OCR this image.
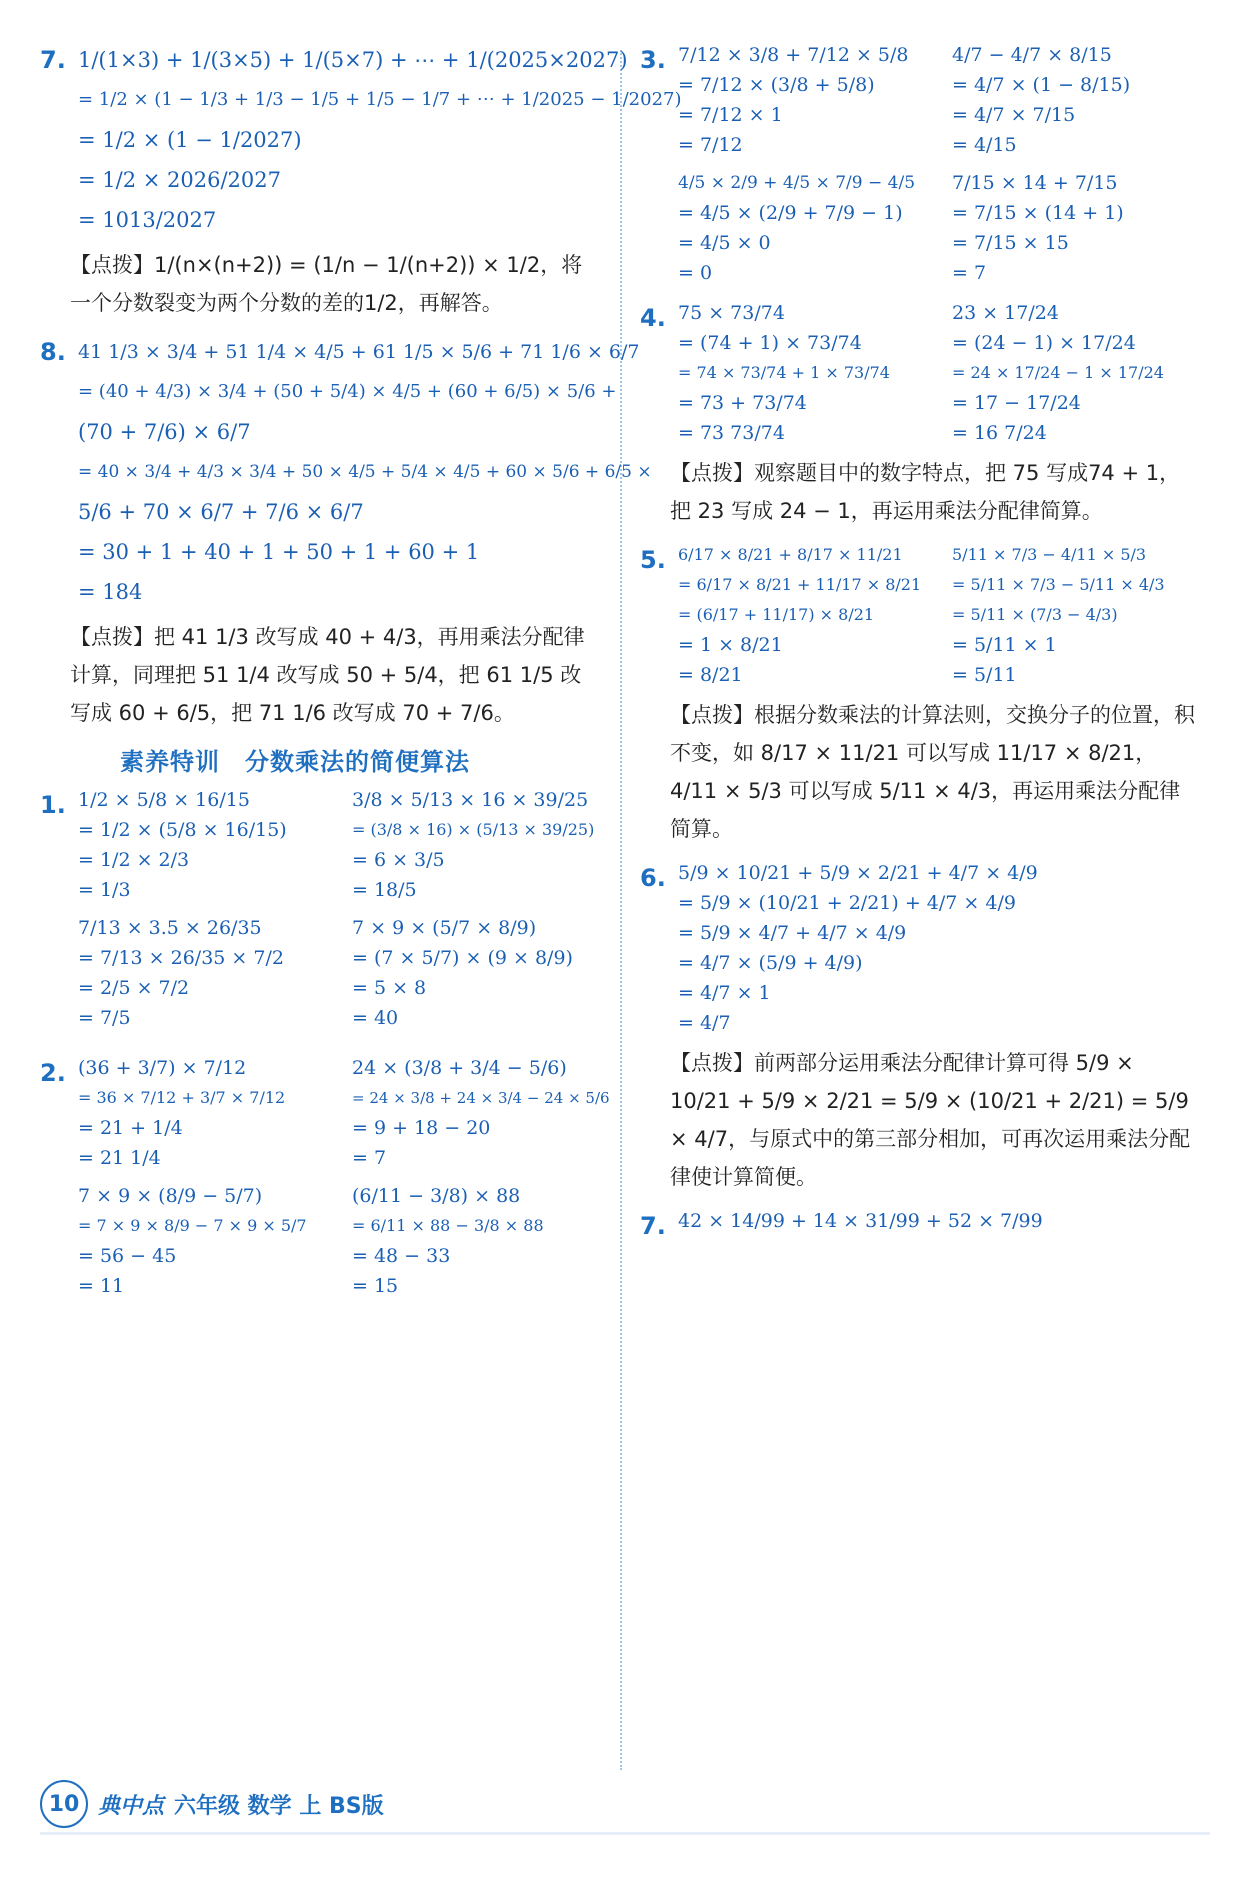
7. 1/(1×3) + 1/(3×5) + 1/(5×7) + ⋯ + 1/(2025×2027)
= 1/2 × (1 − 1/3 + 1/3 − 1/5 + 1/5 − 1/7 + ⋯ + 1/2025 − 1/2027)
= 1/2 × (1 − 1/2027)
= 1/2 × 2026/2027
= 1013/2027
【点拨】1/(n×(n+2)) = (1/n − 1/(n+2)) × 1/2，将一个分数裂变为两个分数的差的1/2，再解答。
8. 41 1/3 × 3/4 + 51 1/4 × 4/5 + 61 1/5 × 5/6 + 71 1/6 × 6/7
= (40 + 4/3) × 3/4 + (50 + 5/4) × 4/5 + (60 + 6/5) × 5/6 +
(70 + 7/6) × 6/7
= 40 × 3/4 + 4/3 × 3/4 + 50 × 4/5 + 5/4 × 4/5 + 60 × 5/6 + 6/5 ×
5/6 + 70 × 6/7 + 7/6 × 6/7
= 30 + 1 + 40 + 1 + 50 + 1 + 60 + 1
= 184
【点拨】把 41 1/3 改写成 40 + 4/3，再用乘法分配律计算，同理把 51 1/4 改写成 50 + 5/4，把 61 1/5 改写成 60 + 6/5，把 71 1/6 改写成 70 + 7/6。
素养特训　分数乘法的简便算法
1. 1/2 × 5/8 × 16/15
= 1/2 × (5/8 × 16/15)
= 1/2 × 2/3
= 1/3
3/8 × 5/13 × 16 × 39/25
= (3/8 × 16) × (5/13 × 39/25)
= 6 × 3/5
= 18/5
7/13 × 3.5 × 26/35
= 7/13 × 26/35 × 7/2
= 2/5 × 7/2
= 7/5
7 × 9 × (5/7 × 8/9)
= (7 × 5/7) × (9 × 8/9)
= 5 × 8
= 40
2. (36 + 3/7) × 7/12
= 36 × 7/12 + 3/7 × 7/12
= 21 + 1/4
= 21 1/4
24 × (3/8 + 3/4 − 5/6)
= 24 × 3/8 + 24 × 3/4 − 24 × 5/6
= 9 + 18 − 20
= 7
7 × 9 × (8/9 − 5/7)
= 7 × 9 × 8/9 − 7 × 9 × 5/7
= 56 − 45
= 11
(6/11 − 3/8) × 88
= 6/11 × 88 − 3/8 × 88
= 48 − 33
= 15
3. 7/12 × 3/8 + 7/12 × 5/8
= 7/12 × (3/8 + 5/8)
= 7/12 × 1
= 7/12
4/7 − 4/7 × 8/15
= 4/7 × (1 − 8/15)
= 4/7 × 7/15
= 4/15
4/5 × 2/9 + 4/5 × 7/9 − 4/5
= 4/5 × (2/9 + 7/9 − 1)
= 4/5 × 0
= 0
7/15 × 14 + 7/15
= 7/15 × (14 + 1)
= 7/15 × 15
= 7
4. 75 × 73/74
= (74 + 1) × 73/74
= 74 × 73/74 + 1 × 73/74
= 73 + 73/74
= 73 73/74
23 × 17/24
= (24 − 1) × 17/24
= 24 × 17/24 − 1 × 17/24
= 17 − 17/24
= 16 7/24
【点拨】观察题目中的数字特点，把 75 写成74 + 1，把 23 写成 24 − 1，再运用乘法分配律简算。
5. 6/17 × 8/21 + 8/17 × 11/21
= 6/17 × 8/21 + 11/17 × 8/21
= (6/17 + 11/17) × 8/21
= 1 × 8/21
= 8/21
5/11 × 7/3 − 4/11 × 5/3
= 5/11 × 7/3 − 5/11 × 4/3
= 5/11 × (7/3 − 4/3)
= 5/11 × 1
= 5/11
【点拨】根据分数乘法的计算法则，交换分子的位置，积不变，如 8/17 × 11/21 可以写成 11/17 × 8/21，4/11 × 5/3 可以写成 5/11 × 4/3，再运用乘法分配律简算。
6. 5/9 × 10/21 + 5/9 × 2/21 + 4/7 × 4/9
= 5/9 × (10/21 + 2/21) + 4/7 × 4/9
= 5/9 × 4/7 + 4/7 × 4/9
= 4/7 × (5/9 + 4/9)
= 4/7 × 1
= 4/7
【点拨】前两部分运用乘法分配律计算可得 5/9 × 10/21 + 5/9 × 2/21 = 5/9 × (10/21 + 2/21) = 5/9 × 4/7，与原式中的第三部分相加，可再次运用乘法分配律使计算简便。
7. 42 × 14/99 + 14 × 31/99 + 52 × 7/99
10 典中点 六年级 数学 上 BS版
